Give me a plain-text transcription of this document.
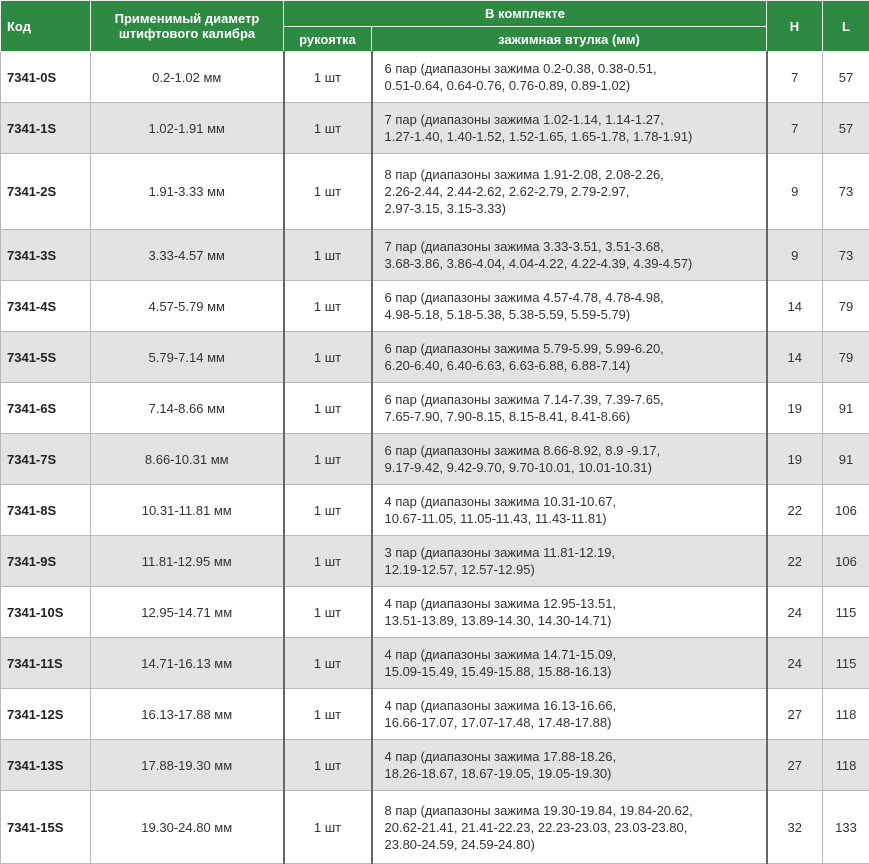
Код	Применимый диаметр
штифтового калибра	В комплекте		H	L
		рукоятка	зажимная втулка (мм)		
7341-0S	0.2-1.02 мм	1 шт	6 пар (диапазоны зажима 0.2-0.38, 0.38-0.51,
0.51-0.64, 0.64-0.76, 0.76-0.89, 0.89-1.02)	7	57
7341-1S	1.02-1.91 мм	1 шт	7 пар (диапазоны зажима 1.02-1.14, 1.14-1.27,
1.27-1.40, 1.40-1.52, 1.52-1.65, 1.65-1.78, 1.78-1.91)	7	57
7341-2S	1.91-3.33 мм	1 шт	8 пар (диапазоны зажима 1.91-2.08, 2.08-2.26,
2.26-2.44, 2.44-2.62, 2.62-2.79, 2.79-2.97,
2.97-3.15, 3.15-3.33)	9	73
7341-3S	3.33-4.57 мм	1 шт	7 пар (диапазоны зажима 3.33-3.51, 3.51-3.68,
3.68-3.86, 3.86-4.04, 4.04-4.22, 4.22-4.39, 4.39-4.57)	9	73
7341-4S	4.57-5.79 мм	1 шт	6 пар (диапазоны зажима 4.57-4.78, 4.78-4.98,
4.98-5.18, 5.18-5.38, 5.38-5.59, 5.59-5.79)	14	79
7341-5S	5.79-7.14 мм	1 шт	6 пар (диапазоны зажима 5.79-5.99, 5.99-6.20,
6.20-6.40, 6.40-6.63, 6.63-6.88, 6.88-7.14)	14	79
7341-6S	7.14-8.66 мм	1 шт	6 пар (диапазоны зажима 7.14-7.39, 7.39-7.65,
7.65-7.90, 7.90-8.15, 8.15-8.41, 8.41-8.66)	19	91
7341-7S	8.66-10.31 мм	1 шт	6 пар (диапазоны зажима 8.66-8.92, 8.9 -9.17,
9.17-9.42, 9.42-9.70, 9.70-10.01, 10.01-10.31)	19	91
7341-8S	10.31-11.81 мм	1 шт	4 пар (диапазоны зажима 10.31-10.67,
10.67-11.05, 11.05-11.43, 11.43-11.81)	22	106
7341-9S	11.81-12.95 мм	1 шт	3 пар (диапазоны зажима 11.81-12.19,
12.19-12.57, 12.57-12.95)	22	106
7341-10S	12.95-14.71 мм	1 шт	4 пар (диапазоны зажима 12.95-13.51,
13.51-13.89, 13.89-14.30, 14.30-14.71)	24	115
7341-11S	14.71-16.13 мм	1 шт	4 пар (диапазоны зажима 14.71-15.09,
15.09-15.49, 15.49-15.88, 15.88-16.13)	24	115
7341-12S	16.13-17.88 мм	1 шт	4 пар (диапазоны зажима 16.13-16.66,
16.66-17.07, 17.07-17.48, 17.48-17.88)	27	118
7341-13S	17.88-19.30 мм	1 шт	4 пар (диапазоны зажима 17.88-18.26,
18.26-18.67, 18.67-19.05, 19.05-19.30)	27	118
7341-15S	19.30-24.80 мм	1 шт	8 пар (диапазоны зажима 19.30-19.84, 19.84-20.62,
20.62-21.41, 21.41-22.23, 22.23-23.03, 23.03-23.80,
23.80-24.59, 24.59-24.80)	32	133
